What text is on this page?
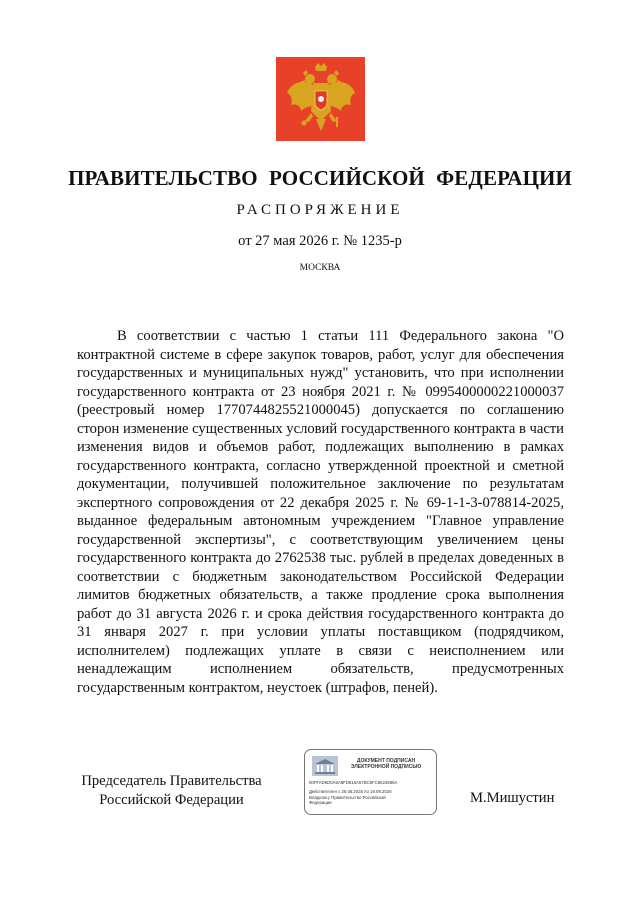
ПРАВИТЕЛЬСТВО РОССИЙСКОЙ ФЕДЕРАЦИИ
РАСПОРЯЖЕНИЕ
от 27 мая 2026 г. № 1235-р
МОСКВА

В соответствии с частью 1 статьи 111 Федерального закона "О контрактной системе в сфере закупок товаров, работ, услуг для обеспечения государственных и муниципальных нужд" установить, что при исполнении государственного контракта от 23 ноября 2021 г. № 0995400000221000037 (реестровый номер 1770744825521000045) допускается по соглашению сторон изменение существенных условий государственного контракта в части изменения видов и объемов работ, подлежащих выполнению в рамках государственного контракта, согласно утвержденной проектной и сметной документации, получившей положительное заключение по результатам экспертного сопровождения от 22 декабря 2025 г. № 69-1-1-3-078814-2025, выданное федеральным автономным учреждением "Главное управление государственной экспертизы", с соответствующим увеличением цены государственного контракта до 2762538 тыс. рублей в пределах доведенных в соответствии с бюджетным законодательством Российской Федерации лимитов бюджетных обязательств, а также продление срока выполнения работ до 31 августа 2026 г. и срока действия государственного контракта до 31 января 2027 г. при условии уплаты поставщиком (подрядчиком, исполнителем) подлежащих уплате в связи с неисполнением или ненадлежащим исполнением обязательств, предусмотренных государственным контрактом, неустоек (штрафов, пеней).

Председатель Правительства
Российской Федерации
ДОКУМЕНТ ПОДПИСАН
ЭЛЕКТРОННОЙ ПОДПИСЬЮ
00FFAD6D0A5A8FD815A57BC5FC8623685A
Действителен с 26.06.2025 по 19.09.2026
Владелец: Правительство Российской
Федерации	М.Мишустин
